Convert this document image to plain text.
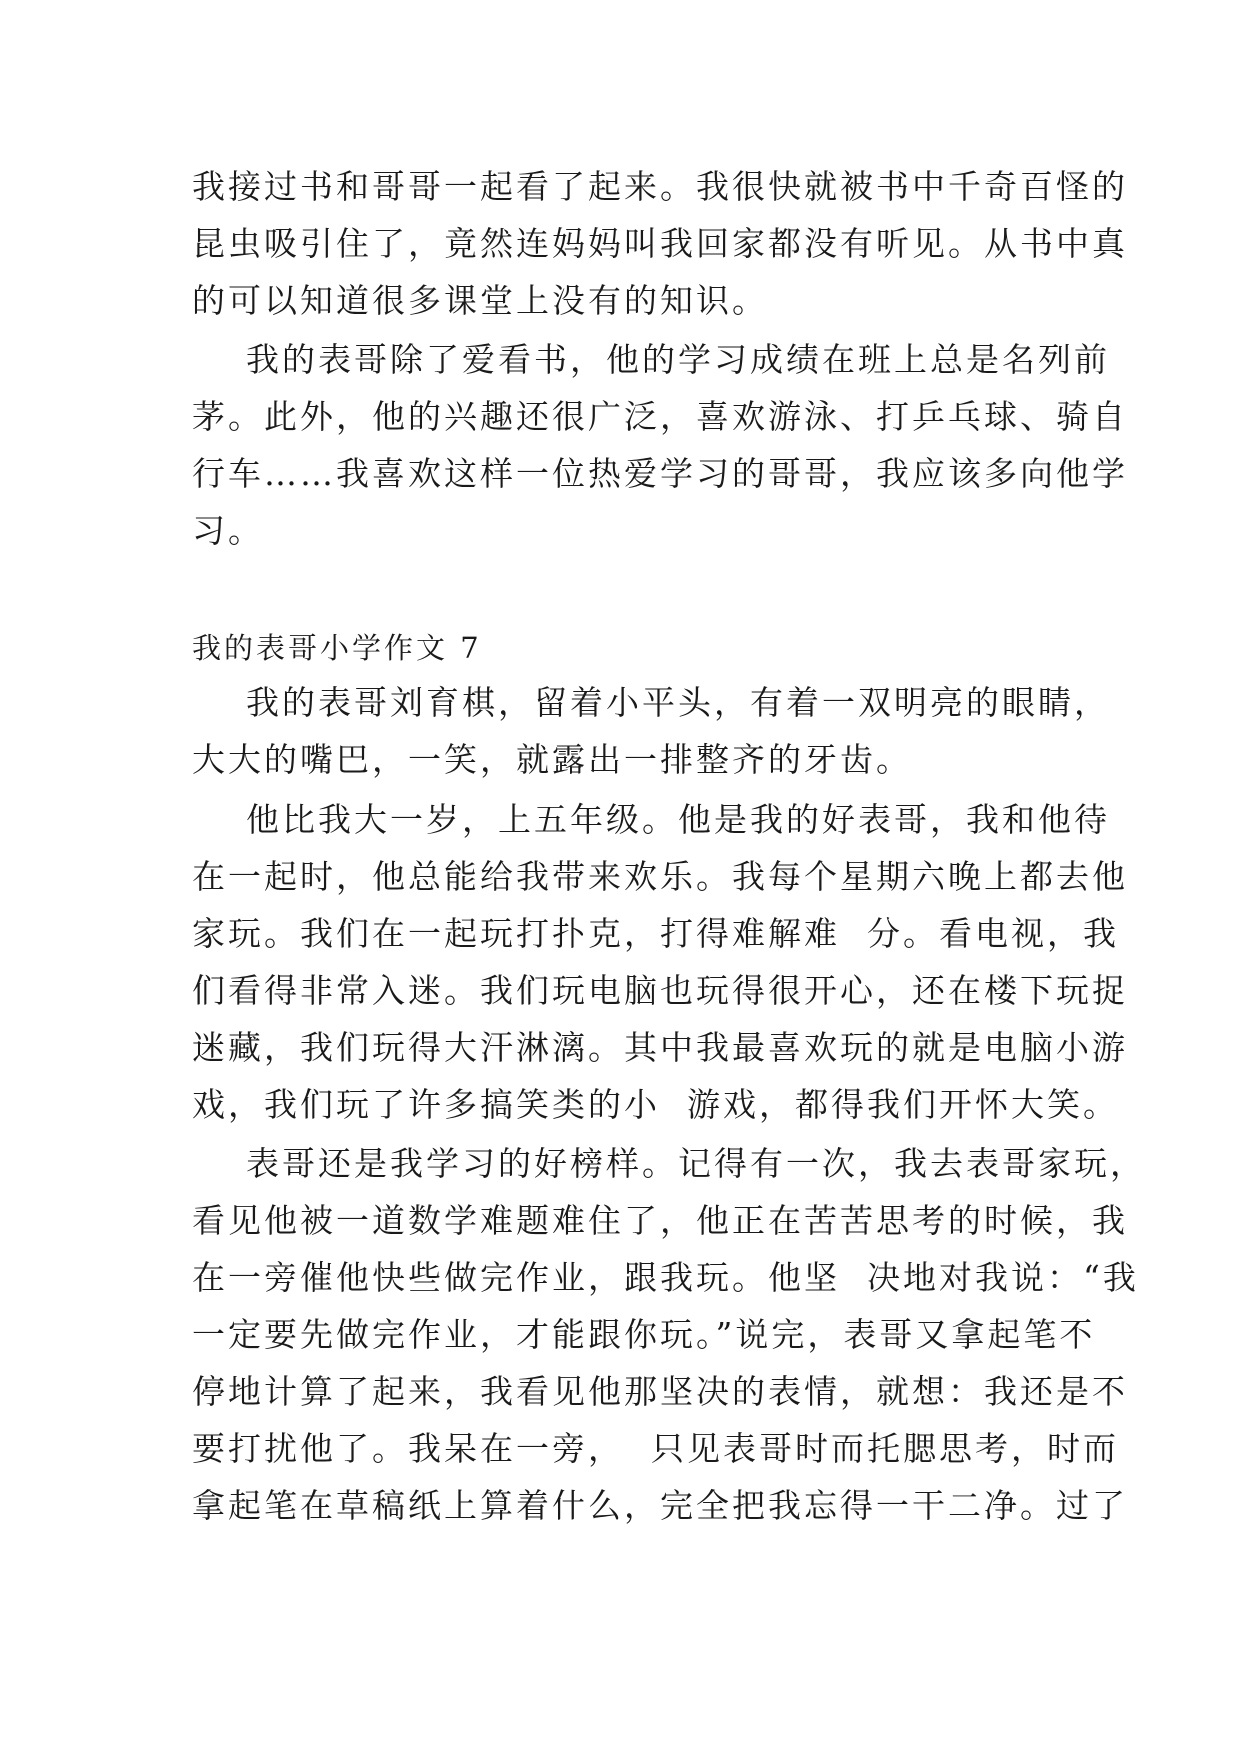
我接过书和哥哥一起看了起来。我很快就被书中千奇百怪的
昆虫吸引住了，竟然连妈妈叫我回家都没有听见。从书中真
的可以知道很多课堂上没有的知识。
我的表哥除了爱看书，他的学习成绩在班上总是名列前
茅。此外，他的兴趣还很广泛，喜欢游泳、打乒乓球、骑自
行车……我喜欢这样一位热爱学习的哥哥，我应该多向他学
习。
我的表哥小学作文 7
我的表哥刘育棋，留着小平头，有着一双明亮的眼睛，
大大的嘴巴，一笑，就露出一排整齐的牙齿。
他比我大一岁，上五年级。他是我的好表哥，我和他待
在一起时，他总能给我带来欢乐。我每个星期六晚上都去他
家玩。我们在一起玩打扑克，打得难解难  分。看电视，我
们看得非常入迷。我们玩电脑也玩得很开心，还在楼下玩捉
迷藏，我们玩得大汗淋漓。其中我最喜欢玩的就是电脑小游
戏，我们玩了许多搞笑类的小  游戏，都得我们开怀大笑。
表哥还是我学习的好榜样。记得有一次，我去表哥家玩，
看见他被一道数学难题难住了，他正在苦苦思考的时候，我
在一旁催他快些做完作业，跟我玩。他坚  决地对我说：“我
一定要先做完作业，才能跟你玩。”说完，表哥又拿起笔不
停地计算了起来，我看见他那坚决的表情，就想：我还是不
要打扰他了。我呆在一旁，  只见表哥时而托腮思考，时而
拿起笔在草稿纸上算着什么，完全把我忘得一干二净。过了
